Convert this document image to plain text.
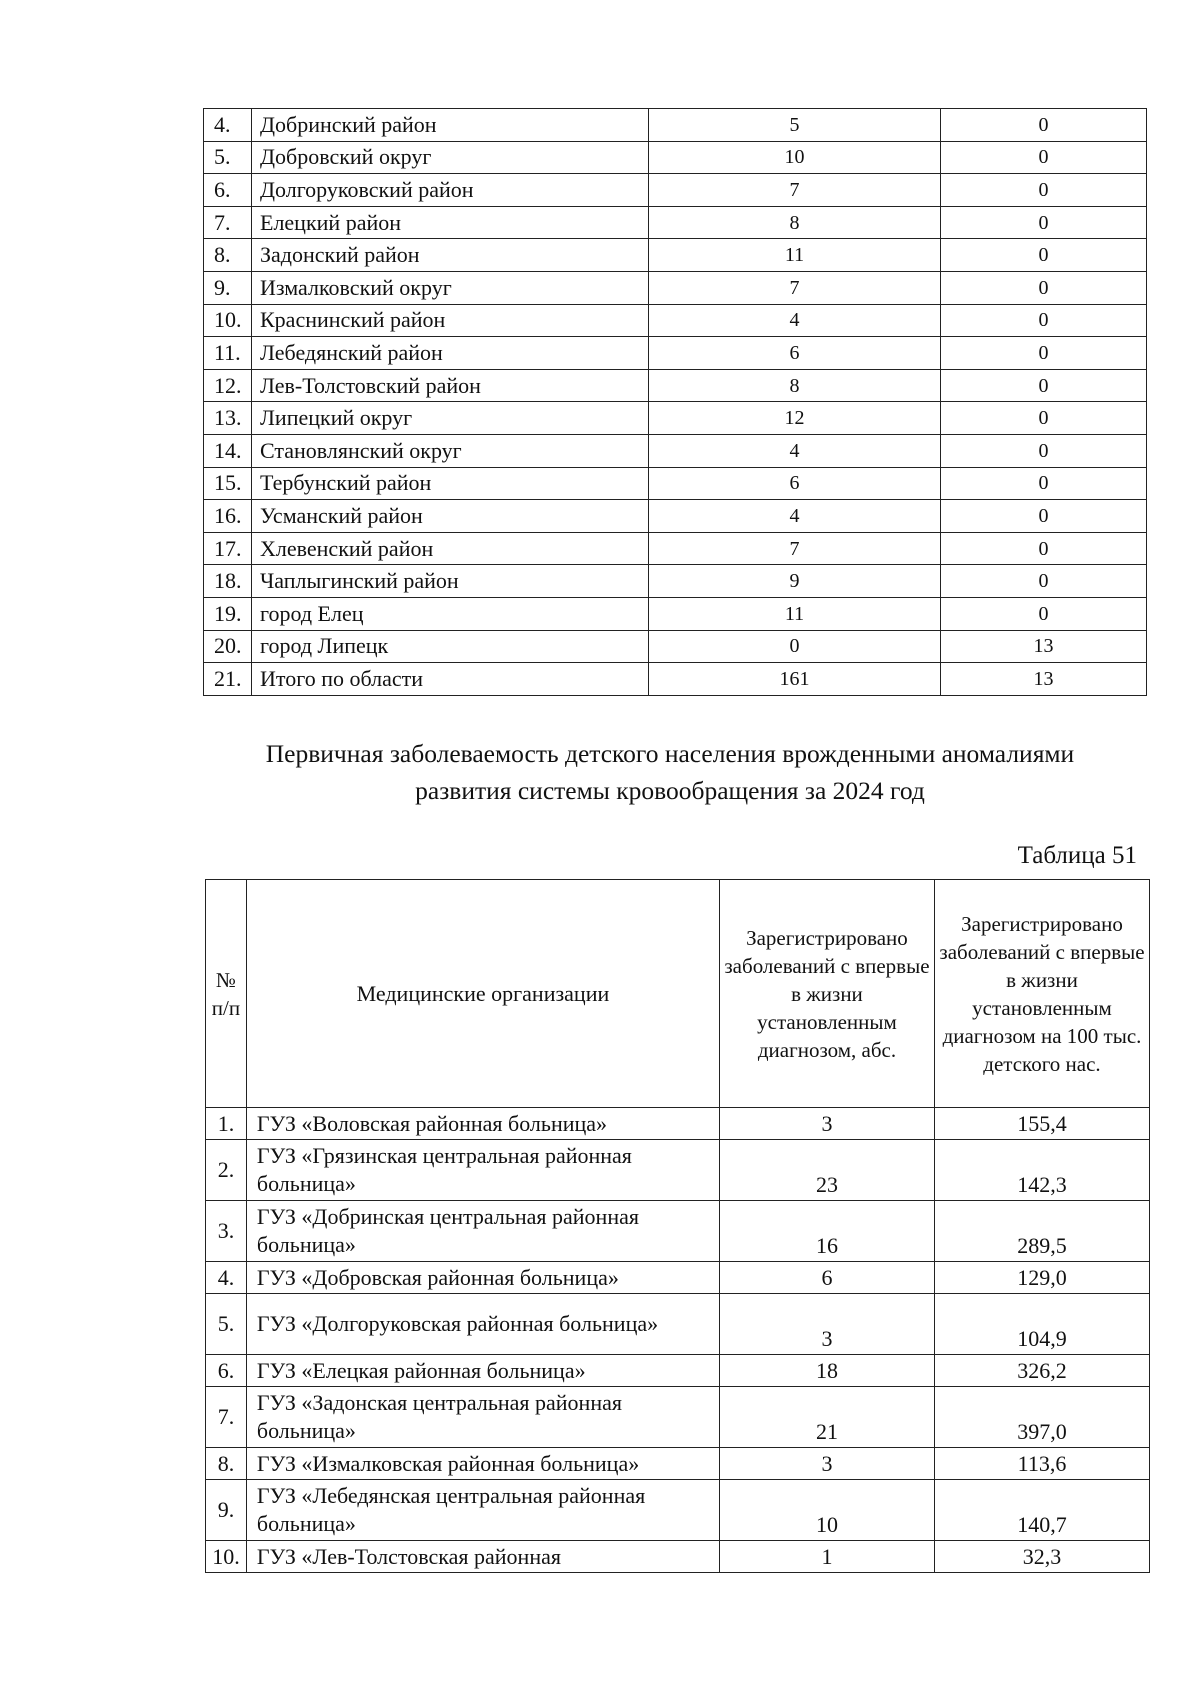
4.	Добринский район	5	0
5.	Добровский округ	10	0
6.	Долгоруковский район	7	0
7.	Елецкий район	8	0
8.	Задонский район	11	0
9.	Измалковский округ	7	0
10.	Краснинский район	4	0
11.	Лебедянский район	6	0
12.	Лев-Толстовский район	8	0
13.	Липецкий округ	12	0
14.	Становлянский округ	4	0
15.	Тербунский район	6	0
16.	Усманский район	4	0
17.	Хлевенский район	7	0
18.	Чаплыгинский район	9	0
19.	город Елец	11	0
20.	город Липецк	0	13
21.	Итого по области	161	13
Первичная заболеваемость детского населения врожденными аномалиями
развития системы кровообращения за 2024 год
Таблица 51
№ п/п	Медицинские организации	Зарегистрировано заболеваний с впервые в жизни установленным диагнозом, абс.	Зарегистрировано заболеваний с впервые в жизни установленным диагнозом на 100 тыс. детского нас.
1.	ГУЗ «Воловская районная больница»	3	155,4
2.	ГУЗ «Грязинская центральная районная больница»	23	142,3
3.	ГУЗ «Добринская центральная районная больница»	16	289,5
4.	ГУЗ «Добровская районная больница»	6	129,0
5.	ГУЗ «Долгоруковская районная больница»	3	104,9
6.	ГУЗ «Елецкая районная больница»	18	326,2
7.	ГУЗ «Задонская центральная районная больница»	21	397,0
8.	ГУЗ «Измалковская районная больница»	3	113,6
9.	ГУЗ «Лебедянская центральная районная больница»	10	140,7
10.	ГУЗ «Лев-Толстовская районная	1	32,3
